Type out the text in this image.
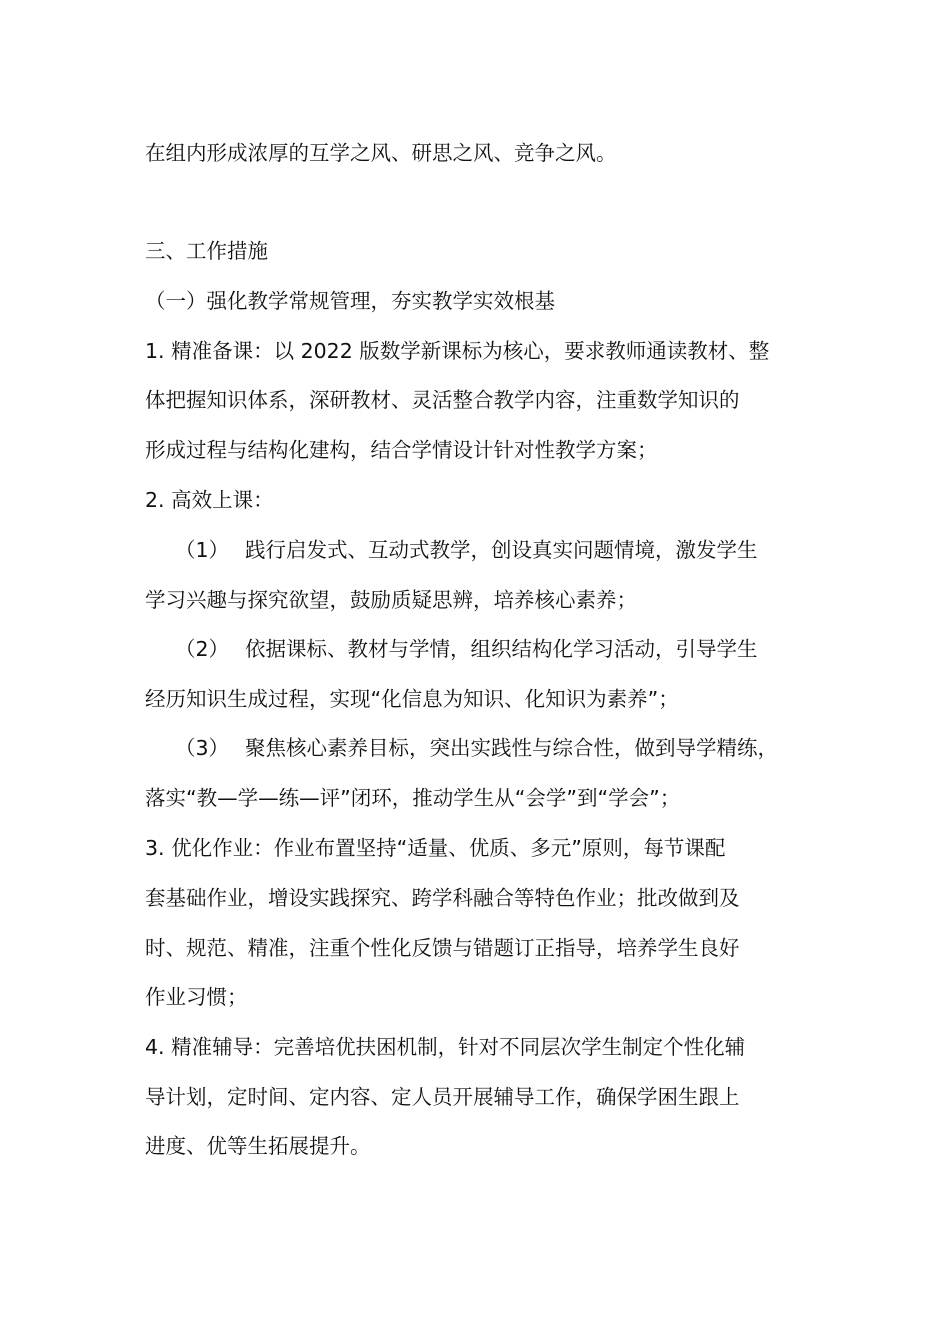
在组内形成浓厚的互学之风、研思之风、竞争之风。
三、工作措施
（一）强化教学常规管理，夯实教学实效根基
1. 精准备课：以 2022 版数学新课标为核心，要求教师通读教材、整
体把握知识体系，深研教材、灵活整合教学内容，注重数学知识的
形成过程与结构化建构，结合学情设计针对性教学方案；
2. 高效上课：
（1） 践行启发式、互动式教学，创设真实问题情境，激发学生
学习兴趣与探究欲望，鼓励质疑思辨，培养核心素养；
（2） 依据课标、教材与学情，组织结构化学习活动，引导学生
经历知识生成过程，实现“化信息为知识、化知识为素养”；
（3） 聚焦核心素养目标，突出实践性与综合性，做到导学精练，
落实“教—学—练—评”闭环，推动学生从“会学”到“学会”；
3. 优化作业：作业布置坚持“适量、优质、多元”原则，每节课配
套基础作业，增设实践探究、跨学科融合等特色作业；批改做到及
时、规范、精准，注重个性化反馈与错题订正指导，培养学生良好
作业习惯；
4. 精准辅导：完善培优扶困机制，针对不同层次学生制定个性化辅
导计划，定时间、定内容、定人员开展辅导工作，确保学困生跟上
进度、优等生拓展提升。
